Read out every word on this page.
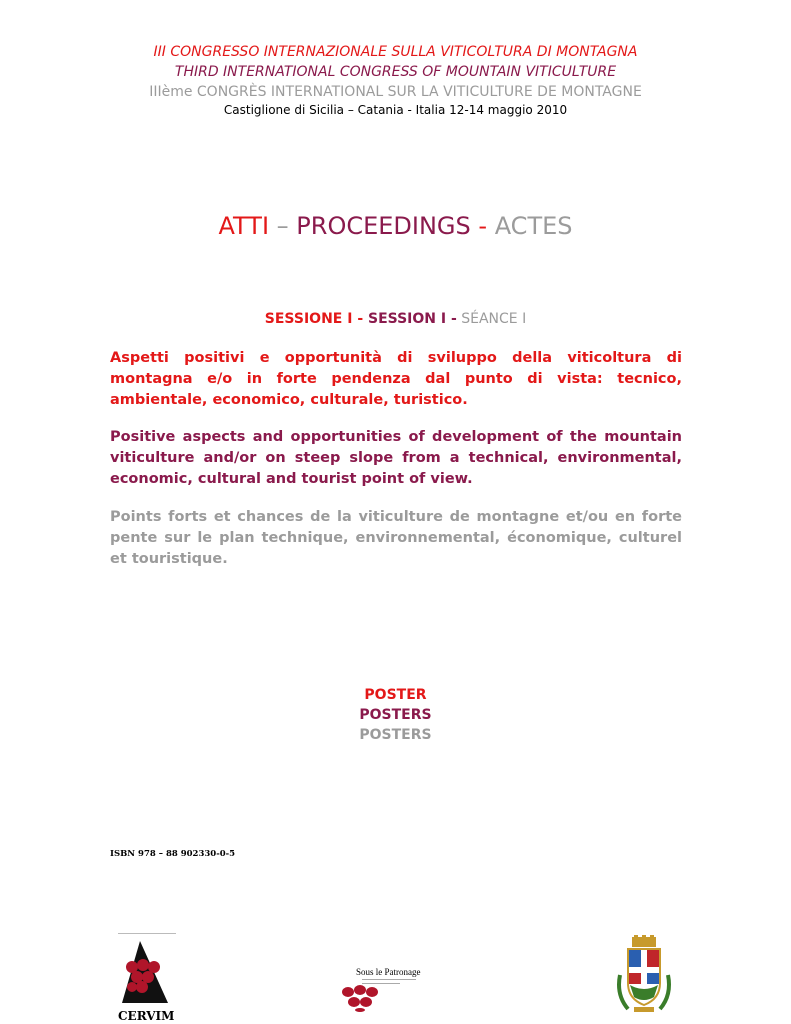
III CONGRESSO INTERNAZIONALE SULLA VITICOLTURA DI MONTAGNA
THIRD INTERNATIONAL CONGRESS OF MOUNTAIN VITICULTURE
IIIème CONGRÈS INTERNATIONAL SUR LA VITICULTURE DE MONTAGNE
Castiglione di Sicilia – Catania - Italia 12-14 maggio 2010
ATTI – PROCEEDINGS - ACTES
SESSIONE I - SESSION I - SÉANCE I
Aspetti positivi e opportunità di sviluppo della viticoltura di montagna e/o in forte pendenza dal punto di vista: tecnico, ambientale, economico, culturale, turistico.
Positive aspects and opportunities of development of the mountain viticulture and/or on steep slope from a technical, environmental, economic, cultural and tourist point of view.
Points forts et chances de la viticulture de montagne et/ou en forte pente sur le plan technique, environnemental, économique, culturel et touristique.
POSTER
POSTERS
POSTERS
ISBN 978 – 88 902330-0-5
CERVIM
Sous le Patronage
